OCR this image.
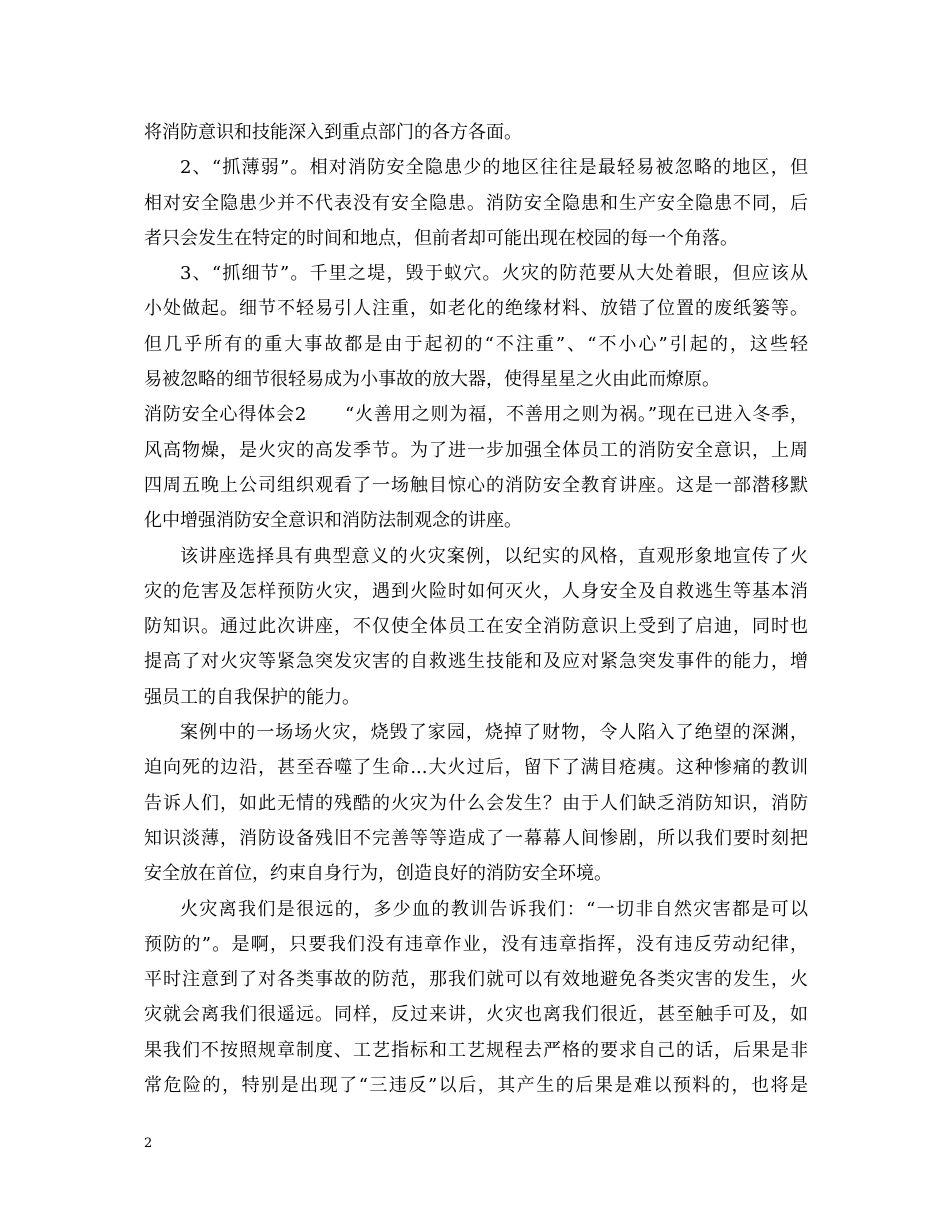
将消防意识和技能深入到重点部门的各方各面。
2、“抓薄弱”。相对消防安全隐患少的地区往往是最轻易被忽略的地区，但
相对安全隐患少并不代表没有安全隐患。消防安全隐患和生产安全隐患不同，后
者只会发生在特定的时间和地点，但前者却可能出现在校园的每一个角落。
3、“抓细节”。千里之堤，毁于蚁穴。火灾的防范要从大处着眼，但应该从
小处做起。细节不轻易引人注重，如老化的绝缘材料、放错了位置的废纸篓等。
但几乎所有的重大事故都是由于起初的“不注重”、“不小心”引起的，这些轻
易被忽略的细节很轻易成为小事故的放大器，使得星星之火由此而燎原。
消防安全心得体会2　　“火善用之则为福，不善用之则为祸。”现在已进入冬季，
风高物燥，是火灾的高发季节。为了进一步加强全体员工的消防安全意识，上周
四周五晚上公司组织观看了一场触目惊心的消防安全教育讲座。这是一部潜移默
化中增强消防安全意识和消防法制观念的讲座。
该讲座选择具有典型意义的火灾案例，以纪实的风格，直观形象地宣传了火
灾的危害及怎样预防火灾，遇到火险时如何灭火，人身安全及自救逃生等基本消
防知识。通过此次讲座，不仅使全体员工在安全消防意识上受到了启迪，同时也
提高了对火灾等紧急突发灾害的自救逃生技能和及应对紧急突发事件的能力，增
强员工的自我保护的能力。
案例中的一场场火灾，烧毁了家园，烧掉了财物，令人陷入了绝望的深渊，
迫向死的边沿，甚至吞噬了生命...大火过后，留下了满目疮痍。这种惨痛的教训
告诉人们，如此无情的残酷的火灾为什么会发生？由于人们缺乏消防知识，消防
知识淡薄，消防设备残旧不完善等等造成了一幕幕人间惨剧，所以我们要时刻把
安全放在首位，约束自身行为，创造良好的消防安全环境。
火灾离我们是很远的，多少血的教训告诉我们：“一切非自然灾害都是可以
预防的”。是啊，只要我们没有违章作业，没有违章指挥，没有违反劳动纪律，
平时注意到了对各类事故的防范，那我们就可以有效地避免各类灾害的发生，火
灾就会离我们很遥远。同样，反过来讲，火灾也离我们很近，甚至触手可及，如
果我们不按照规章制度、工艺指标和工艺规程去严格的要求自己的话，后果是非
常危险的，特别是出现了“三违反”以后，其产生的后果是难以预料的，也将是
2
